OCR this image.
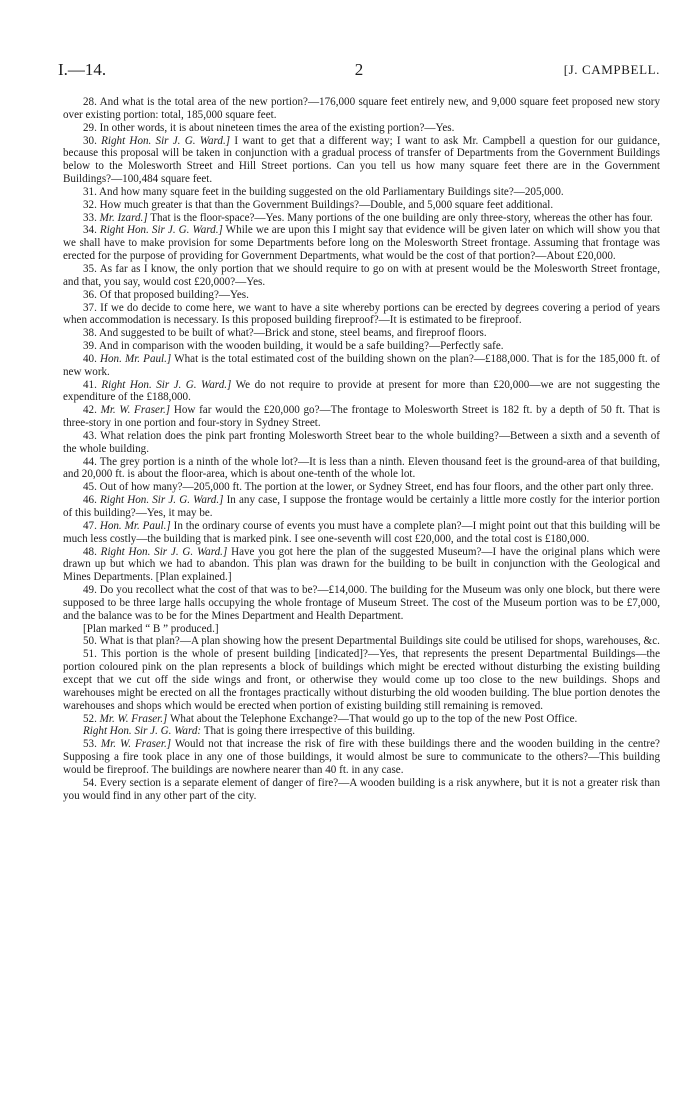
I.—14.	2	[J. CAMPBELL.

28. And what is the total area of the new portion?—176,000 square feet entirely new, and 9,000 square feet proposed new story over existing portion: total, 185,000 square feet.

29. In other words, it is about nineteen times the area of the existing portion?—Yes.

30. Right Hon. Sir J. G. Ward.] I want to get that a different way; I want to ask Mr. Campbell a question for our guidance, because this proposal will be taken in conjunction with a gradual process of transfer of Departments from the Government Buildings below to the Molesworth Street and Hill Street portions. Can you tell us how many square feet there are in the Government Buildings?—100,484 square feet.

31. And how many square feet in the building suggested on the old Parliamentary Buildings site?—205,000.

32. How much greater is that than the Government Buildings?—Double, and 5,000 square feet additional.

33. Mr. Izard.] That is the floor-space?—Yes. Many portions of the one building are only three-story, whereas the other has four.

34. Right Hon. Sir J. G. Ward.] While we are upon this I might say that evidence will be given later on which will show you that we shall have to make provision for some Departments before long on the Molesworth Street frontage. Assuming that frontage was erected for the purpose of providing for Government Departments, what would be the cost of that portion?—About £20,000.

35. As far as I know, the only portion that we should require to go on with at present would be the Molesworth Street frontage, and that, you say, would cost £20,000?—Yes.

36. Of that proposed building?—Yes.

37. If we do decide to come here, we want to have a site whereby portions can be erected by degrees covering a period of years when accommodation is necessary. Is this proposed building fireproof?—It is estimated to be fireproof.

38. And suggested to be built of what?—Brick and stone, steel beams, and fireproof floors.

39. And in comparison with the wooden building, it would be a safe building?—Perfectly safe.

40. Hon. Mr. Paul.] What is the total estimated cost of the building shown on the plan?—£188,000. That is for the 185,000 ft. of new work.

41. Right Hon. Sir J. G. Ward.] We do not require to provide at present for more than £20,000—we are not suggesting the expenditure of the £188,000.

42. Mr. W. Fraser.] How far would the £20,000 go?—The frontage to Molesworth Street is 182 ft. by a depth of 50 ft. That is three-story in one portion and four-story in Sydney Street.

43. What relation does the pink part fronting Molesworth Street bear to the whole building?—Between a sixth and a seventh of the whole building.

44. The grey portion is a ninth of the whole lot?—It is less than a ninth. Eleven thousand feet is the ground-area of that building, and 20,000 ft. is about the floor-area, which is about one-tenth of the whole lot.

45. Out of how many?—205,000 ft. The portion at the lower, or Sydney Street, end has four floors, and the other part only three.

46. Right Hon. Sir J. G. Ward.] In any case, I suppose the frontage would be certainly a little more costly for the interior portion of this building?—Yes, it may be.

47. Hon. Mr. Paul.] In the ordinary course of events you must have a complete plan?—I might point out that this building will be much less costly—the building that is marked pink. I see one-seventh will cost £20,000, and the total cost is £180,000.

48. Right Hon. Sir J. G. Ward.] Have you got here the plan of the suggested Museum?—I have the original plans which were drawn up but which we had to abandon. This plan was drawn for the building to be built in conjunction with the Geological and Mines Departments. [Plan explained.]

49. Do you recollect what the cost of that was to be?—£14,000. The building for the Museum was only one block, but there were supposed to be three large halls occupying the whole frontage of Museum Street. The cost of the Museum portion was to be £7,000, and the balance was to be for the Mines Department and Health Department.

[Plan marked “ B ” produced.]

50. What is that plan?—A plan showing how the present Departmental Buildings site could be utilised for shops, warehouses, &c.

51. This portion is the whole of present building [indicated]?—Yes, that represents the present Departmental Buildings—the portion coloured pink on the plan represents a block of buildings which might be erected without disturbing the existing building except that we cut off the side wings and front, or otherwise they would come up too close to the new buildings. Shops and warehouses might be erected on all the frontages practically without disturbing the old wooden building. The blue portion denotes the warehouses and shops which would be erected when portion of existing building still remaining is removed.

52. Mr. W. Fraser.] What about the Telephone Exchange?—That would go up to the top of the new Post Office.

Right Hon. Sir J. G. Ward: That is going there irrespective of this building.

53. Mr. W. Fraser.] Would not that increase the risk of fire with these buildings there and the wooden building in the centre? Supposing a fire took place in any one of those buildings, it would almost be sure to communicate to the others?—This building would be fireproof. The buildings are nowhere nearer than 40 ft. in any case.

54. Every section is a separate element of danger of fire?—A wooden building is a risk anywhere, but it is not a greater risk than you would find in any other part of the city.
